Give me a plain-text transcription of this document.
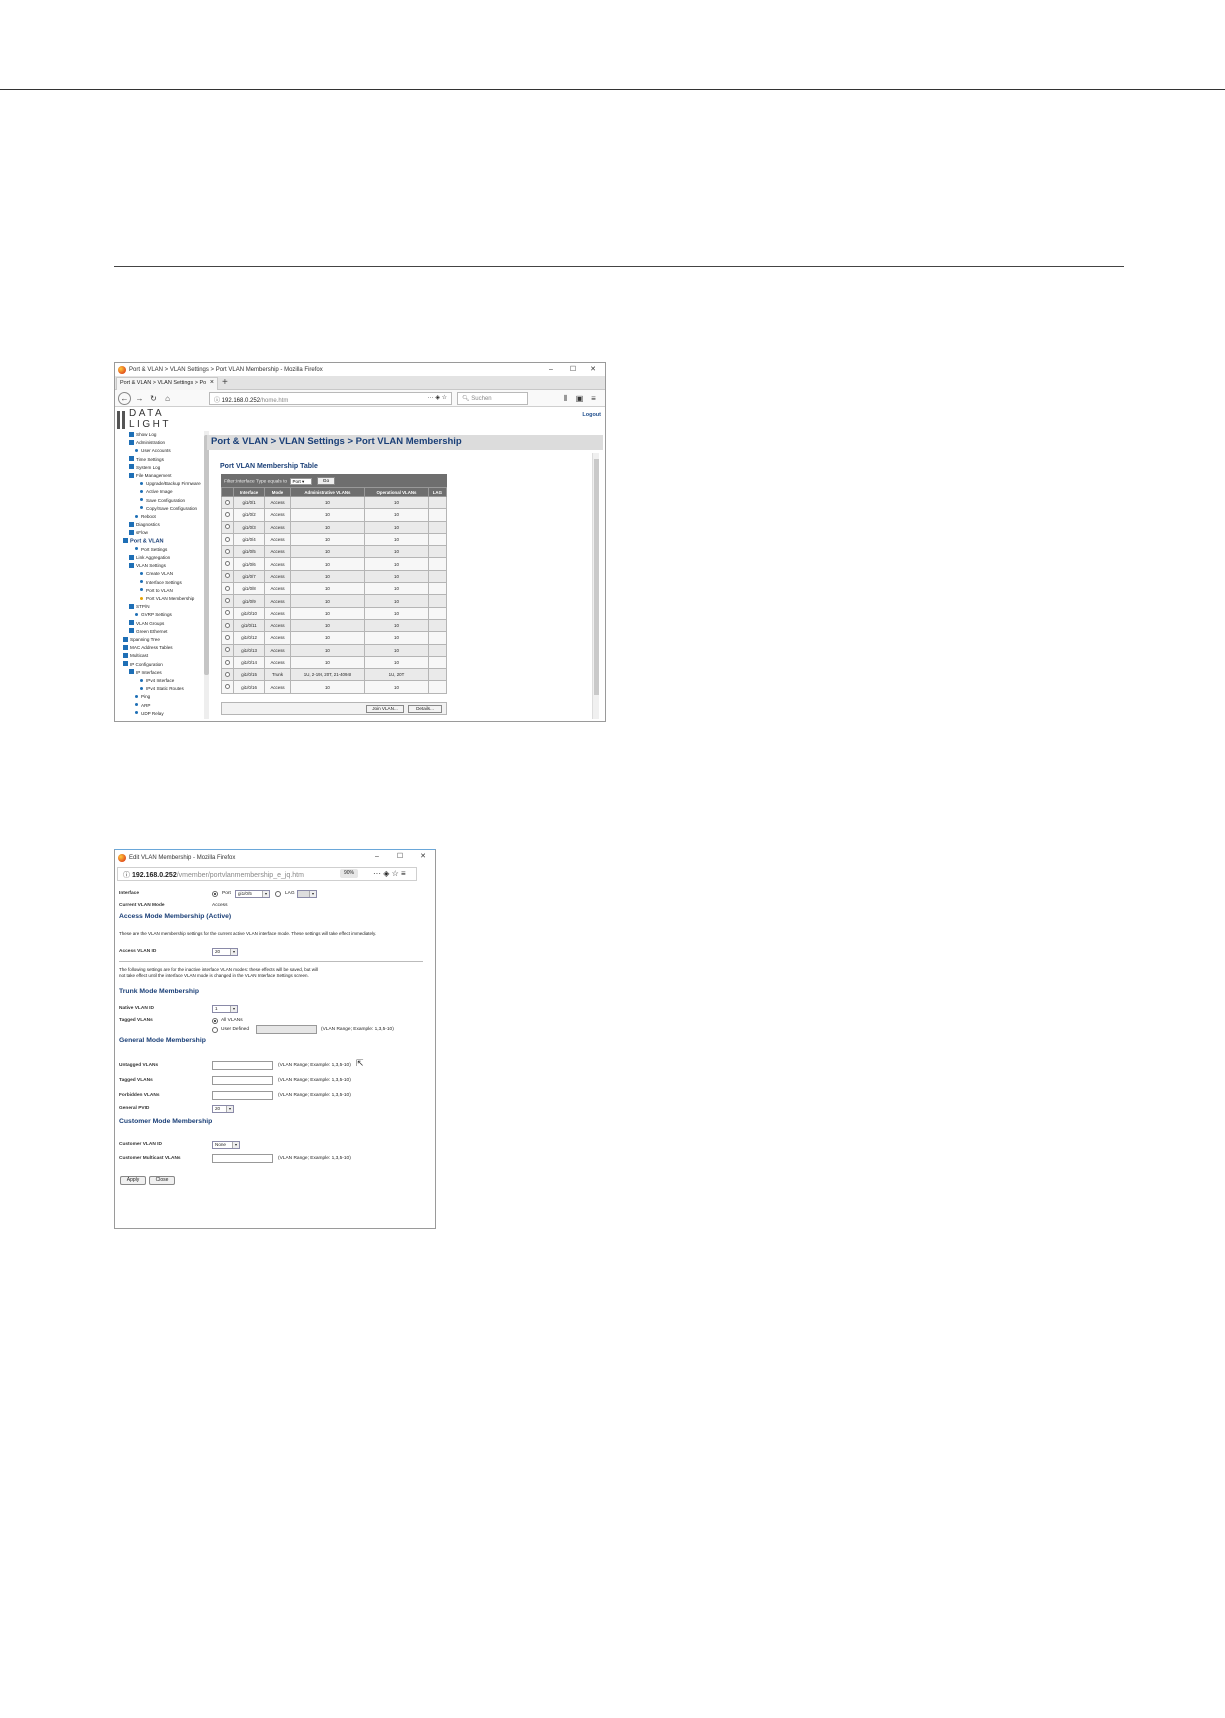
Port & VLAN > VLAN Settings > Port VLAN Membership - Mozilla Firefox	–	☐	✕
Port & VLAN > VLAN Settings > Po × +
← → ↻	⌂	ⓘ 192.168.0.252/home.htm	··· ◈ ☆	🔍︎ Suchen	⫴	▣ ≡
DATA
LIGHT
Logout
Show Log
Administration
User Accounts
Time Settings
System Log
File Management
Upgrade/Backup Firmware
Active Image
Save Configuration
Copy/Save Configuration
Reboot
Diagnostics
sFlow
Port & VLAN
Port Settings
Link Aggregation
VLAN Settings
Create VLAN
Interface Settings
Port to VLAN
Port VLAN Membership
STP/N
GVRP Settings
VLAN Groups
Green Ethernet
Spanning Tree
MAC Address Tables
Multicast
IP Configuration
IP Interfaces
IPv4 Interface
IPv4 Static Routes
Ping
ARP
UDP Relay
Port & VLAN > VLAN Settings > Port VLAN Membership
Port VLAN Membership Table
Filter:Interface Type equals to Port ▾	Go
	Interface	Mode	Administrative VLANs	Operational VLANs	LAG
	gi1/0/1	Access	10	10	
	gi1/0/2	Access	10	10	
	gi1/0/3	Access	10	10	
	gi1/0/4	Access	10	10	
	gi1/0/5	Access	10	10	
	gi1/0/6	Access	10	10	
	gi1/0/7	Access	10	10	
	gi1/0/8	Access	10	10	
	gi1/0/9	Access	10	10	
	gi1/0/10	Access	10	10	
	gi1/0/11	Access	10	10	
	gi1/0/12	Access	10	10	
	gi1/0/13	Access	10	10	
	gi1/0/14	Access	10	10	
	gi1/0/15	Trunk	1U, 2-19I, 20T, 21-4094I	1U, 20T	
	gi1/0/16	Access	10	10	
Join VLAN...	Details...
Edit VLAN Membership - Mozilla Firefox	–	☐	✕
ⓘ 192.168.0.252/vmember/portvlanmembership_e_jq.htm	90%	··· ◈ ☆ ≡
Interface	Port	gi1/0/5	▾	LAG	▾
Current VLAN Mode	Access
Access Mode Membership (Active)
These are the VLAN membership settings for the current active VLAN interface mode. These settings will take effect immediately.
Access VLAN ID	20	▾
The following settings are for the inactive interface VLAN modes: these effects will be saved, but will
not take effect until the interface VLAN mode is changed in the VLAN Interface Settings screen.
Trunk Mode Membership
Native VLAN ID	1	▾
Tagged VLANs	All VLANs
User Defined	(VLAN Range; Example: 1,3,5-10)
General Mode Membership
Untagged VLANs	(VLAN Range; Example: 1,3,5-10)
Tagged VLANs	(VLAN Range; Example: 1,3,5-10)
Forbidden VLANs	(VLAN Range; Example: 1,3,5-10)
General PVID	20	▾
Customer Mode Membership
Customer VLAN ID	None	▾
Customer Multicast VLANs	(VLAN Range; Example: 1,3,5-10)
Apply	Close
⇱
